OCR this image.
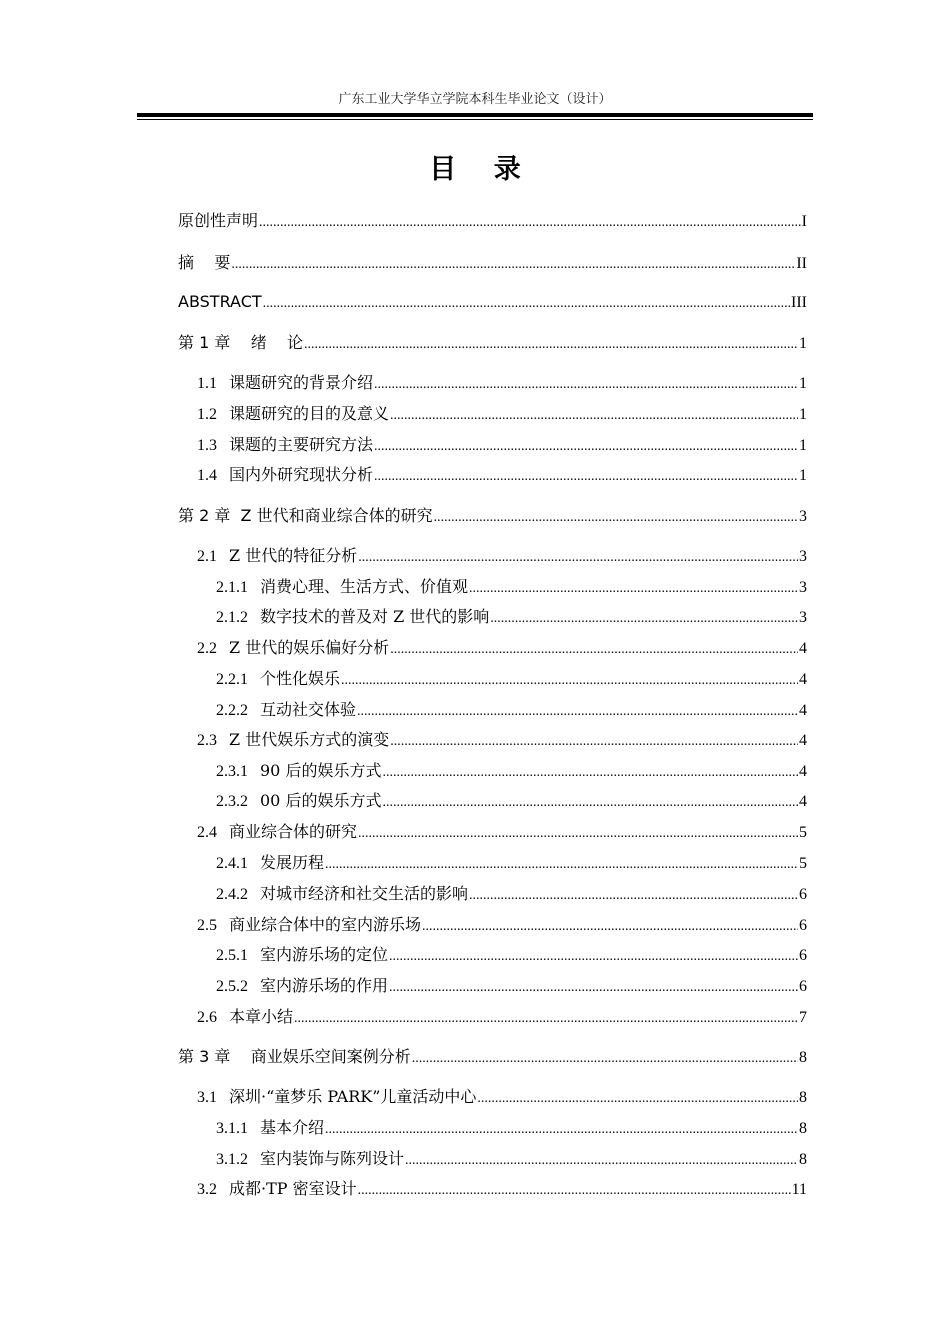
广东工业大学华立学院本科生毕业论文（设计）
目    录
原创性声明 .....	I
摘    要 .....	II
ABSTRACT .....	III
第 1 章    绪    论 .....	1
1.1 课题研究的背景介绍 .....	1
1.2 课题研究的目的及意义 .....	1
1.3 课题的主要研究方法 .....	1
1.4 国内外研究现状分析 .....	1
第 2 章  Z 世代和商业综合体的研究 .....	3
2.1 Z 世代的特征分析 .....	3
2.1.1 消费心理、生活方式、价值观 .....	3
2.1.2 数字技术的普及对 Z 世代的影响 .....	3
2.2 Z 世代的娱乐偏好分析 .....	4
2.2.1 个性化娱乐 .....	4
2.2.2 互动社交体验 .....	4
2.3 Z 世代娱乐方式的演变 .....	4
2.3.1 90 后的娱乐方式 .....	4
2.3.2 00 后的娱乐方式 .....	4
2.4 商业综合体的研究 .....	5
2.4.1 发展历程 .....	5
2.4.2 对城市经济和社交生活的影响 .....	6
2.5 商业综合体中的室内游乐场 .....	6
2.5.1 室内游乐场的定位 .....	6
2.5.2 室内游乐场的作用 .....	6
2.6 本章小结 .....	7
第 3 章    商业娱乐空间案例分析 .....	8
3.1 深圳·“童梦乐 PARK”儿童活动中心 .....	8
3.1.1 基本介绍 .....	8
3.1.2 室内装饰与陈列设计 .....	8
3.2 成都·TP 密室设计 .....	11
